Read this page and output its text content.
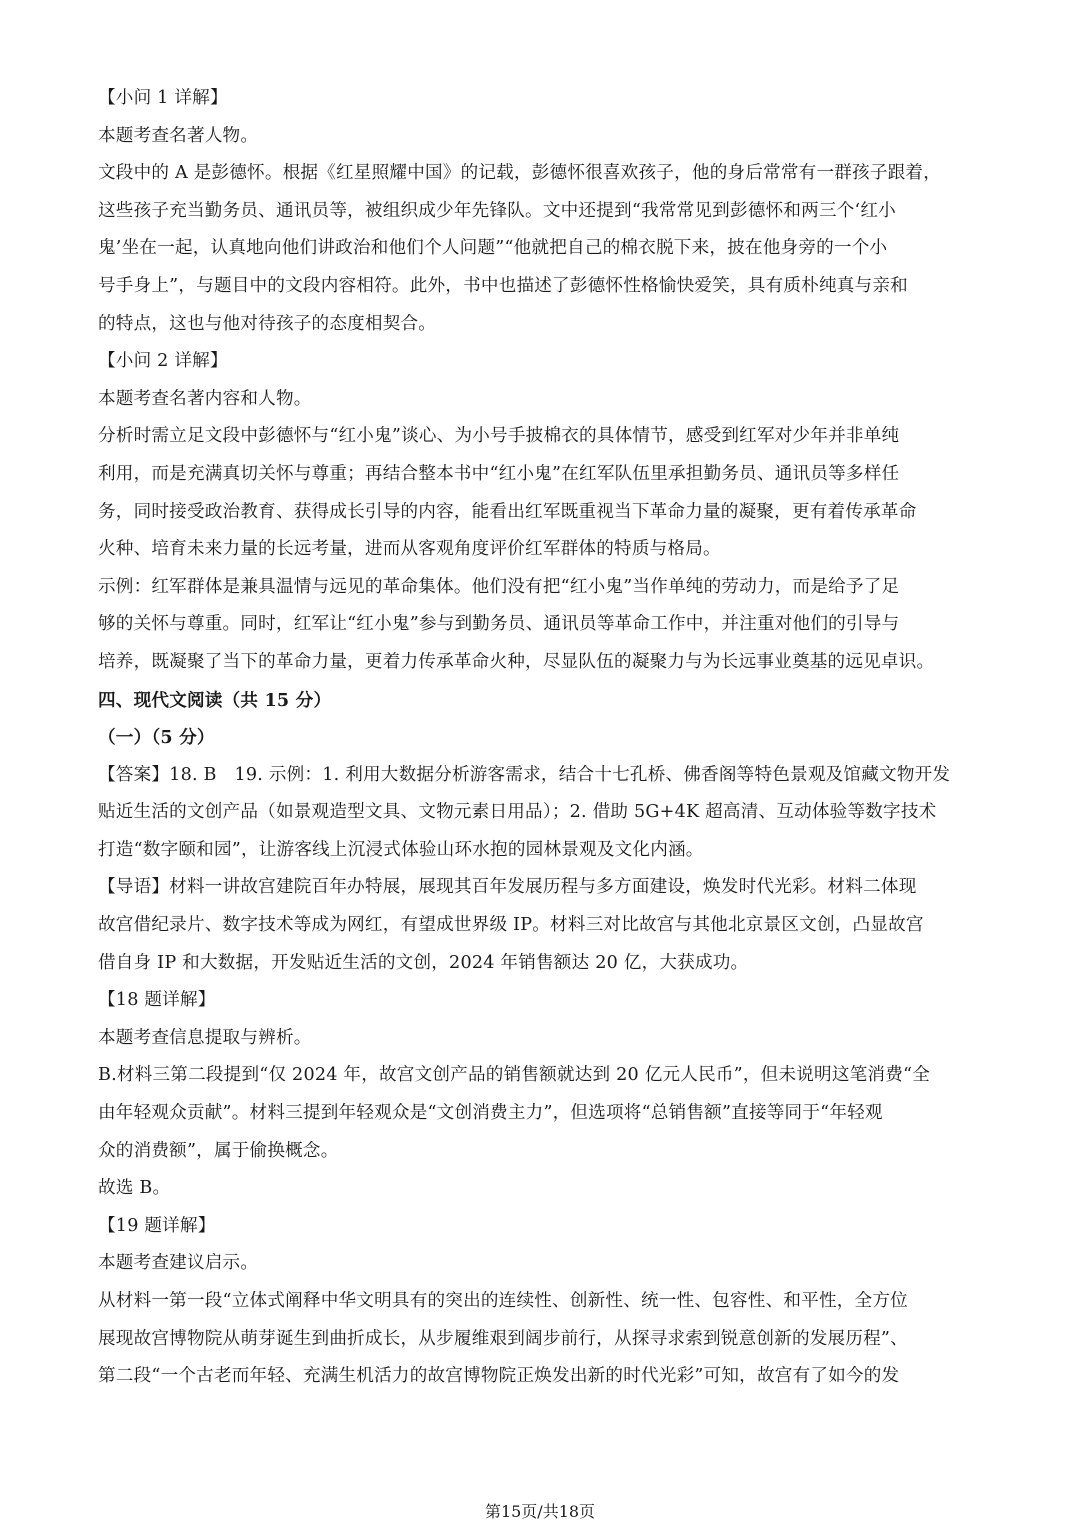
【小问 1 详解】

本题考查名著人物。

文段中的 A 是彭德怀。根据《红星照耀中国》的记载，彭德怀很喜欢孩子，他的身后常常有一群孩子跟着，

这些孩子充当勤务员、通讯员等，被组织成少年先锋队。文中还提到“我常常见到彭德怀和两三个‘红小

鬼’坐在一起，认真地向他们讲政治和他们个人问题”“他就把自己的棉衣脱下来，披在他身旁的一个小

号手身上”，与题目中的文段内容相符。此外，书中也描述了彭德怀性格愉快爱笑，具有质朴纯真与亲和

的特点，这也与他对待孩子的态度相契合。

【小问 2 详解】

本题考查名著内容和人物。

分析时需立足文段中彭德怀与“红小鬼”谈心、为小号手披棉衣的具体情节，感受到红军对少年并非单纯

利用，而是充满真切关怀与尊重；再结合整本书中“红小鬼”在红军队伍里承担勤务员、通讯员等多样任

务，同时接受政治教育、获得成长引导的内容，能看出红军既重视当下革命力量的凝聚，更有着传承革命

火种、培育未来力量的长远考量，进而从客观角度评价红军群体的特质与格局。

示例：红军群体是兼具温情与远见的革命集体。他们没有把“红小鬼”当作单纯的劳动力，而是给予了足

够的关怀与尊重。同时，红军让“红小鬼”参与到勤务员、通讯员等革命工作中，并注重对他们的引导与

培养，既凝聚了当下的革命力量，更着力传承革命火种，尽显队伍的凝聚力与为长远事业奠基的远见卓识。

四、现代文阅读（共 15 分）

（一）（5 分）

【答案】18. B　19. 示例：1. 利用大数据分析游客需求，结合十七孔桥、佛香阁等特色景观及馆藏文物开发

贴近生活的文创产品（如景观造型文具、文物元素日用品）；2. 借助 5G+4K 超高清、互动体验等数字技术

打造“数字颐和园”，让游客线上沉浸式体验山环水抱的园林景观及文化内涵。

【导语】材料一讲故宫建院百年办特展，展现其百年发展历程与多方面建设，焕发时代光彩。材料二体现

故宫借纪录片、数字技术等成为网红，有望成世界级 IP。材料三对比故宫与其他北京景区文创，凸显故宫

借自身 IP 和大数据，开发贴近生活的文创，2024 年销售额达 20 亿，大获成功。

【18 题详解】

本题考查信息提取与辨析。

B.材料三第二段提到“仅 2024 年，故宫文创产品的销售额就达到 20 亿元人民币”，但未说明这笔消费“全

由年轻观众贡献”。材料三提到年轻观众是“文创消费主力”，但选项将“总销售额”直接等同于“年轻观

众的消费额”，属于偷换概念。

故选 B。

【19 题详解】

本题考查建议启示。

从材料一第一段“立体式阐释中华文明具有的突出的连续性、创新性、统一性、包容性、和平性，全方位

展现故宫博物院从萌芽诞生到曲折成长，从步履维艰到阔步前行，从探寻求索到锐意创新的发展历程”、

第二段“一个古老而年轻、充满生机活力的故宫博物院正焕发出新的时代光彩”可知，故宫有了如今的发

第15页/共18页
